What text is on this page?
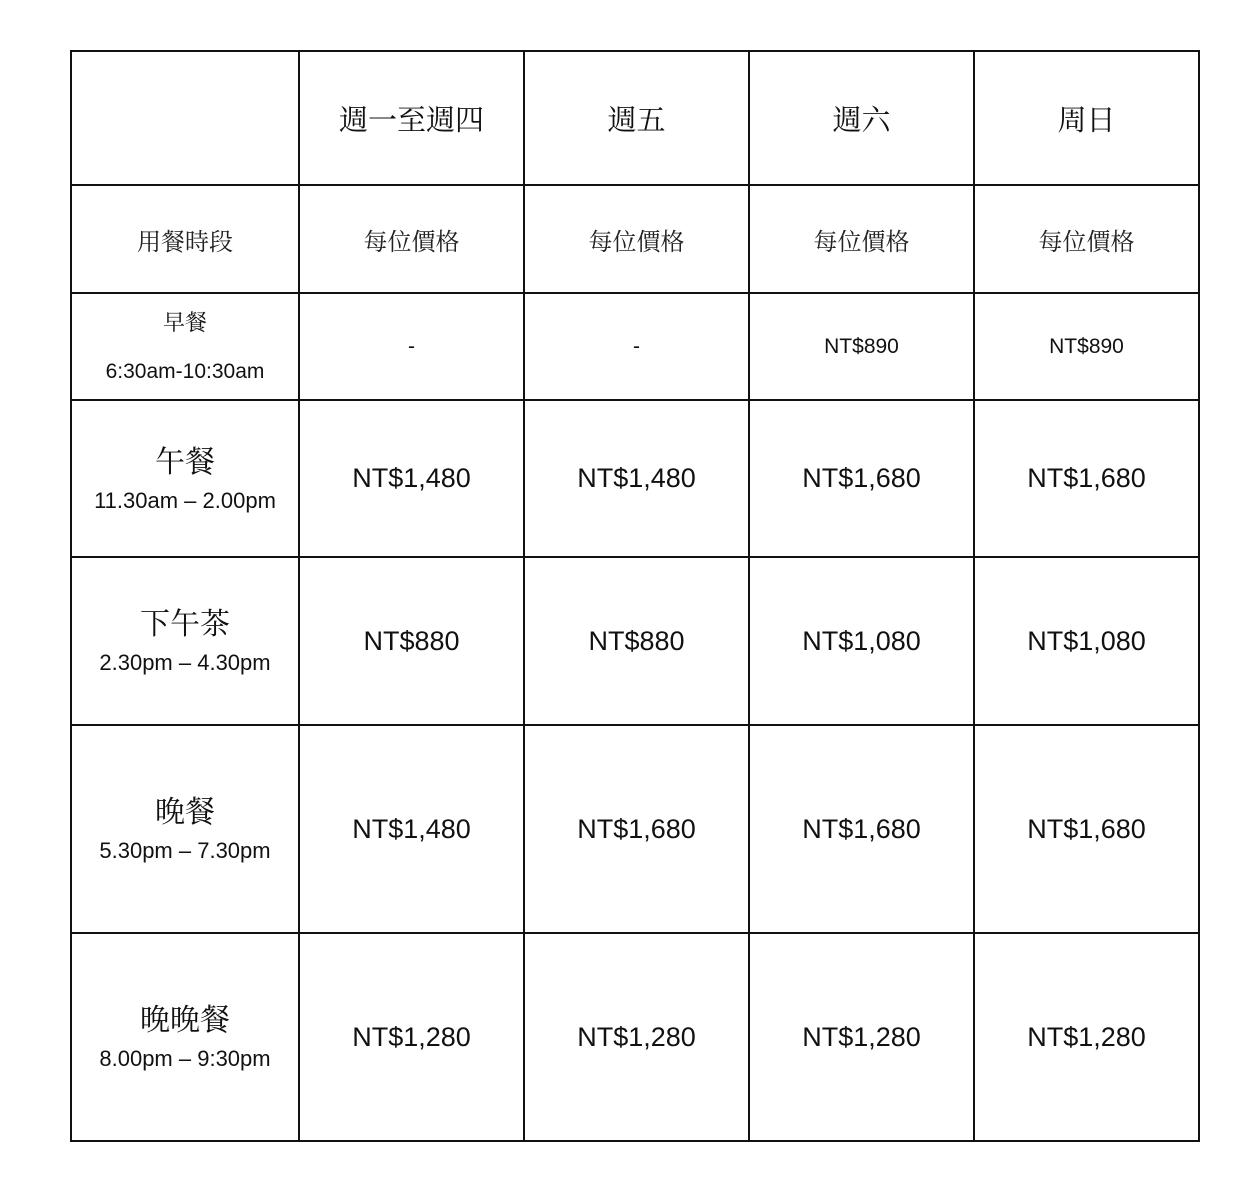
	週一至週四	週五	週六	周日
用餐時段	每位價格	每位價格	每位價格	每位價格

早餐
6:30am-10:30am	-	-	NT$890	NT$890

午餐
11.30am – 2.00pm	NT$1,480	NT$1,480	NT$1,680	NT$1,680

下午茶
2.30pm – 4.30pm	NT$880	NT$880	NT$1,080	NT$1,080

晚餐
5.30pm – 7.30pm	NT$1,480	NT$1,680	NT$1,680	NT$1,680

晚晚餐
8.00pm – 9:30pm	NT$1,280	NT$1,280	NT$1,280	NT$1,280
